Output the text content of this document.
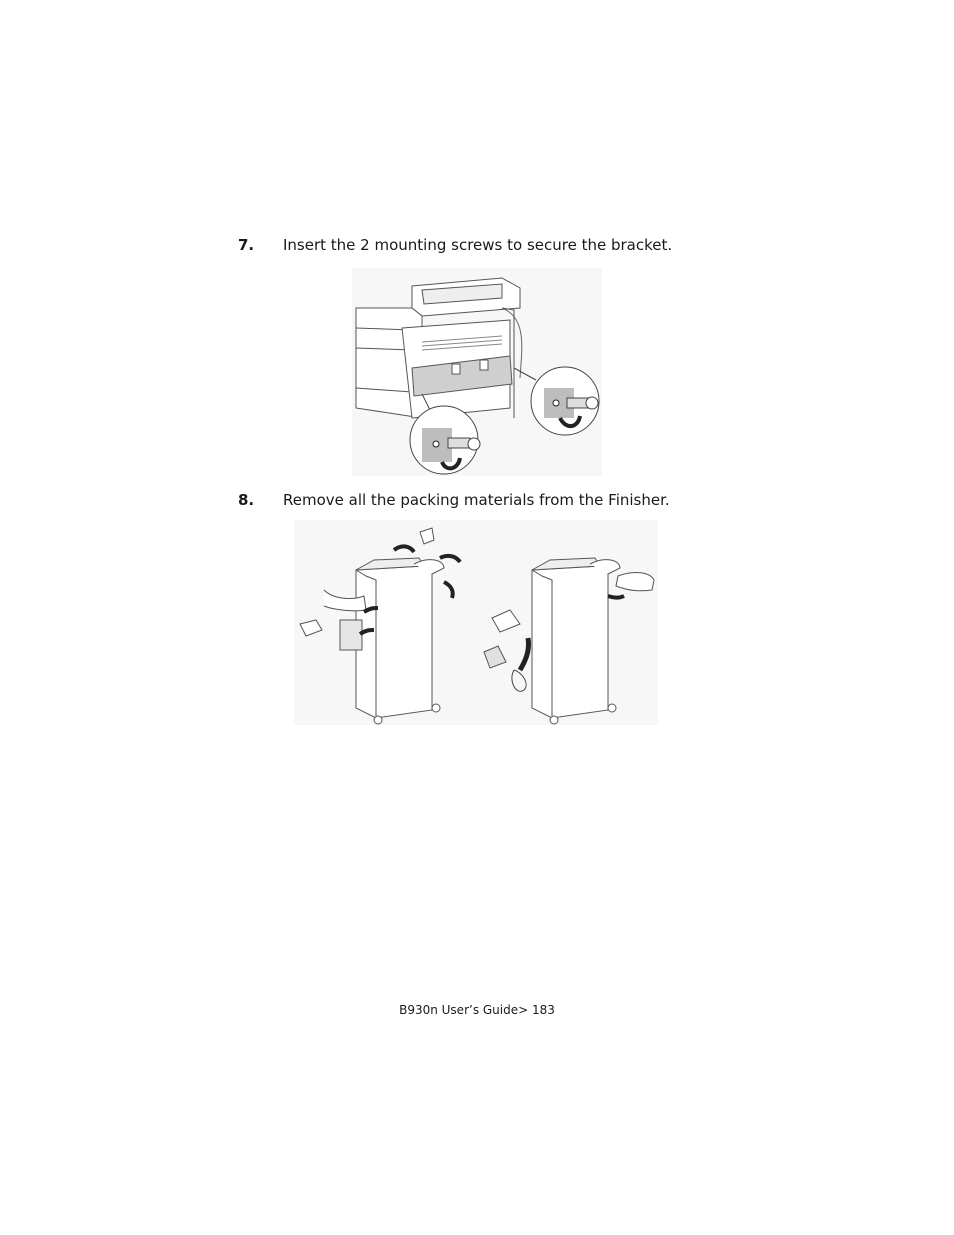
7. Insert the 2 mounting screws to secure the bracket.
8. Remove all the packing materials from the Finisher.
B930n User’s Guide> 183
